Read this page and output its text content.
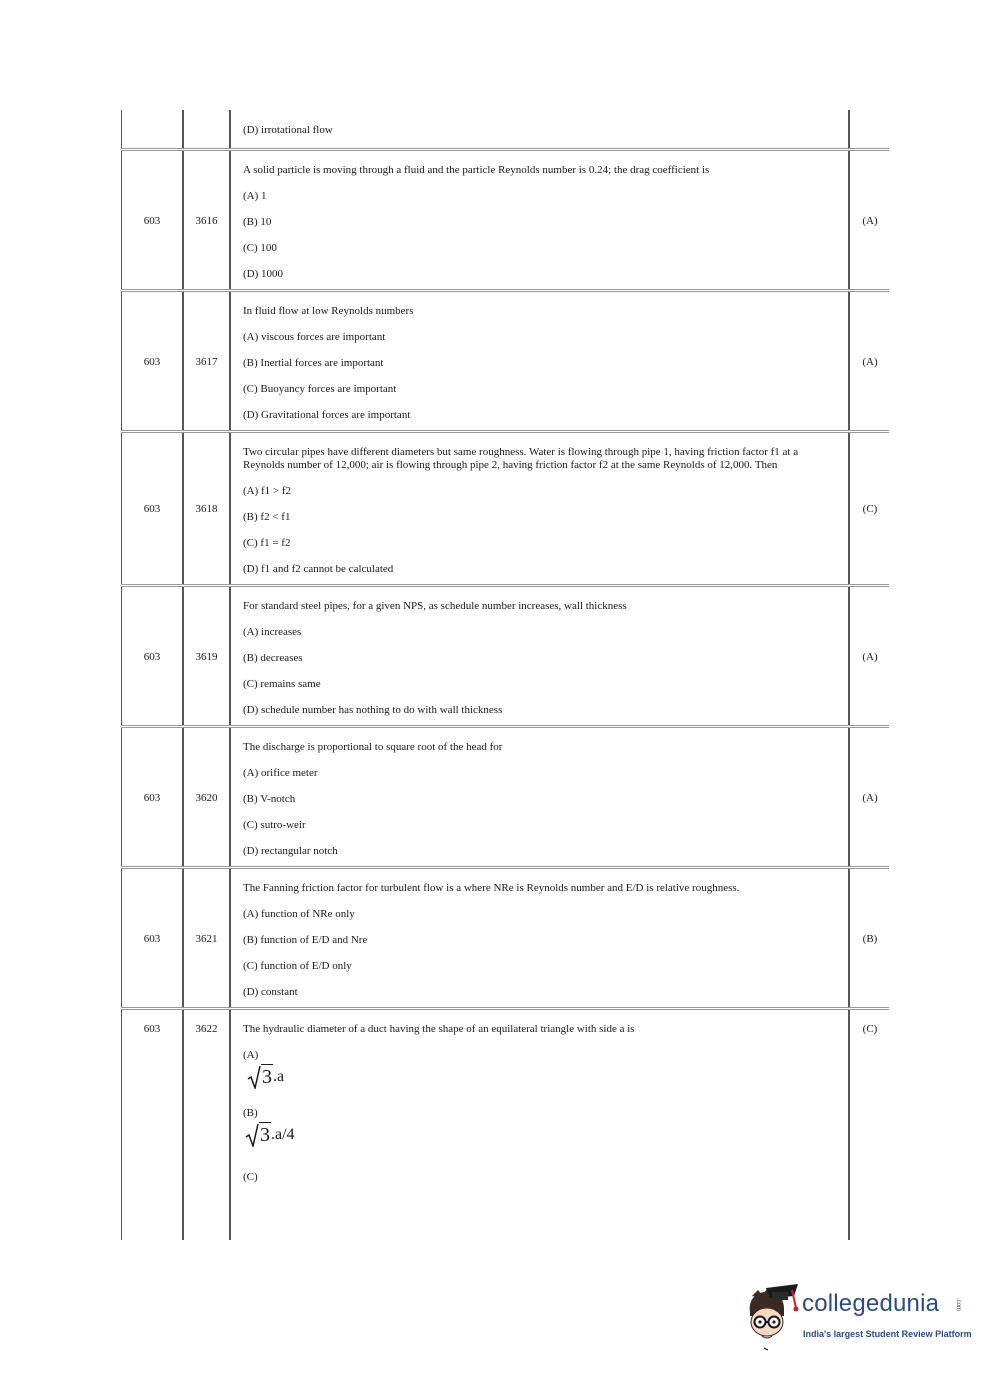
(D) irrotational flow
603	3616
A solid particle is moving through a fluid and the particle Reynolds number is 0.24; the drag coefficient is
(A) 1
(B) 10
(C) 100
(D) 1000
(A)
603	3617
In fluid flow at low Reynolds numbers
(A) viscous forces are important
(B) Inertial forces are important
(C) Buoyancy forces are important
(D) Gravitational forces are important
(A)
603	3618
Two circular pipes have different diameters but same roughness. Water is flowing through pipe 1, having friction factor f1 at a Reynolds number of 12,000; air is flowing through pipe 2, having friction factor f2 at the same Reynolds of 12,000. Then
(A) f1 > f2
(B) f2 < f1
(C) f1 = f2
(D) f1 and f2 cannot be calculated
(C)
603	3619
For standard steel pipes, for a given NPS, as schedule number increases, wall thickness
(A) increases
(B) decreases
(C) remains same
(D) schedule number has nothing to do with wall thickness
(A)
603	3620
The discharge is proportional to square root of the head for
(A) orifice meter
(B) V-notch
(C) sutro-weir
(D) rectangular notch
(A)
603	3621
The Fanning friction factor for turbulent flow is a where NRe is Reynolds number and E/D is relative roughness.
(A) function of NRe only
(B) function of E/D and Nre
(C) function of E/D only
(D) constant
(B)
603	3622	The hydraulic diameter of a duct having the shape of an equilateral triangle with side a is
(A)
3 .a
(B)
3 .a/4
(C)
(C)
collegedunia	.com
India's largest Student Review Platform
